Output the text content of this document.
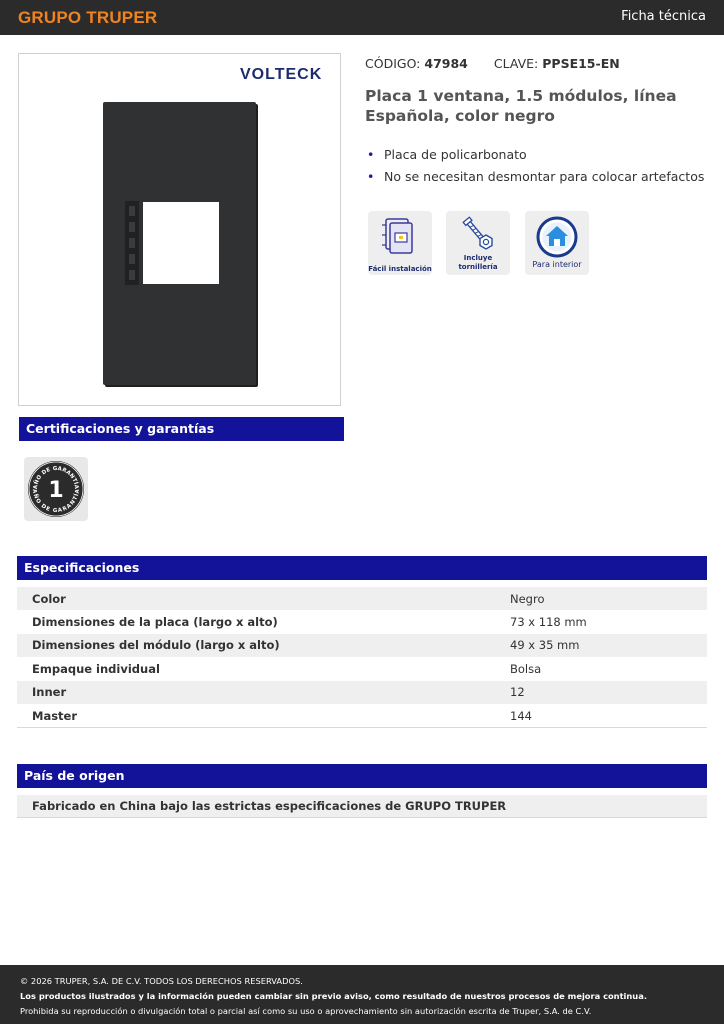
GRUPO TRUPER	Ficha técnica
VOLTECK
CÓDIGO: 47984 CLAVE: PPSE15-EN
Placa 1 ventana, 1.5 módulos, línea Española, color negro
• Placa de policarbonato
• No se necesitan desmontar para colocar artefactos
Fácil instalación
Incluye
tornillería	Para interior
Certificaciones y garantías
AÑO DE GARANTÍA
AÑO DE GARANTÍA
1
Especificaciones
Color	Negro
Dimensiones de la placa (largo x alto)	73 x 118 mm
Dimensiones del módulo (largo x alto)	49 x 35 mm
Empaque individual	Bolsa
Inner	12
Master	144
País de origen
Fabricado en China bajo las estrictas especificaciones de GRUPO TRUPER
© 2026 TRUPER, S.A. DE C.V. TODOS LOS DERECHOS RESERVADOS.
Los productos ilustrados y la información pueden cambiar sin previo aviso, como resultado de nuestros procesos de mejora continua.
Prohibida su reproducción o divulgación total o parcial así como su uso o aprovechamiento sin autorización escrita de Truper, S.A. de C.V.
